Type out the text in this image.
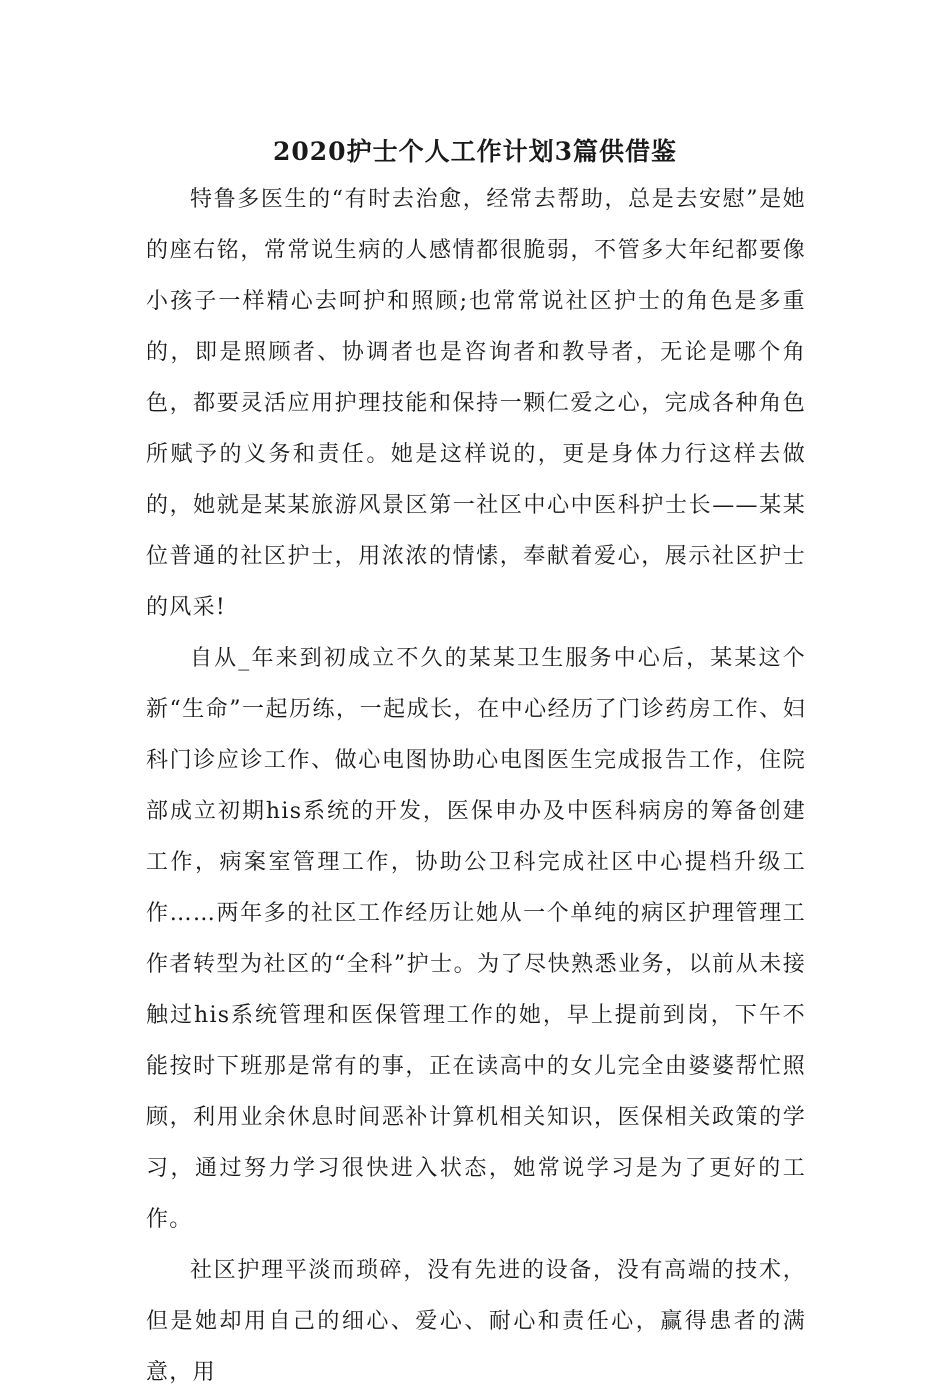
2020护士个人工作计划3篇供借鉴

特鲁多医生的“有时去治愈，经常去帮助，总是去安慰”是她的座右铭，常常说生病的人感情都很脆弱，不管多大年纪都要像小孩子一样精心去呵护和照顾;也常常说社区护士的角色是多重的，即是照顾者、协调者也是咨询者和教导者，无论是哪个角色，都要灵活应用护理技能和保持一颗仁爱之心，完成各种角色所赋予的义务和责任。她是这样说的，更是身体力行这样去做的，她就是某某旅游风景区第一社区中心中医科护士长——某某位普通的社区护士，用浓浓的情愫，奉献着爱心，展示社区护士的风采!

自从_年来到初成立不久的某某卫生服务中心后，某某这个新“生命”一起历练，一起成长，在中心经历了门诊药房工作、妇科门诊应诊工作、做心电图协助心电图医生完成报告工作，住院部成立初期his系统的开发，医保申办及中医科病房的筹备创建工作，病案室管理工作，协助公卫科完成社区中心提档升级工作……两年多的社区工作经历让她从一个单纯的病区护理管理工作者转型为社区的“全科”护士。为了尽快熟悉业务，以前从未接触过his系统管理和医保管理工作的她，早上提前到岗，下午不能按时下班那是常有的事，正在读高中的女儿完全由婆婆帮忙照顾，利用业余休息时间恶补计算机相关知识，医保相关政策的学习，通过努力学习很快进入状态，她常说学习是为了更好的工作。

社区护理平淡而琐碎，没有先进的设备，没有高端的技术，但是她却用自己的细心、爱心、耐心和责任心，赢得患者的满意，用
